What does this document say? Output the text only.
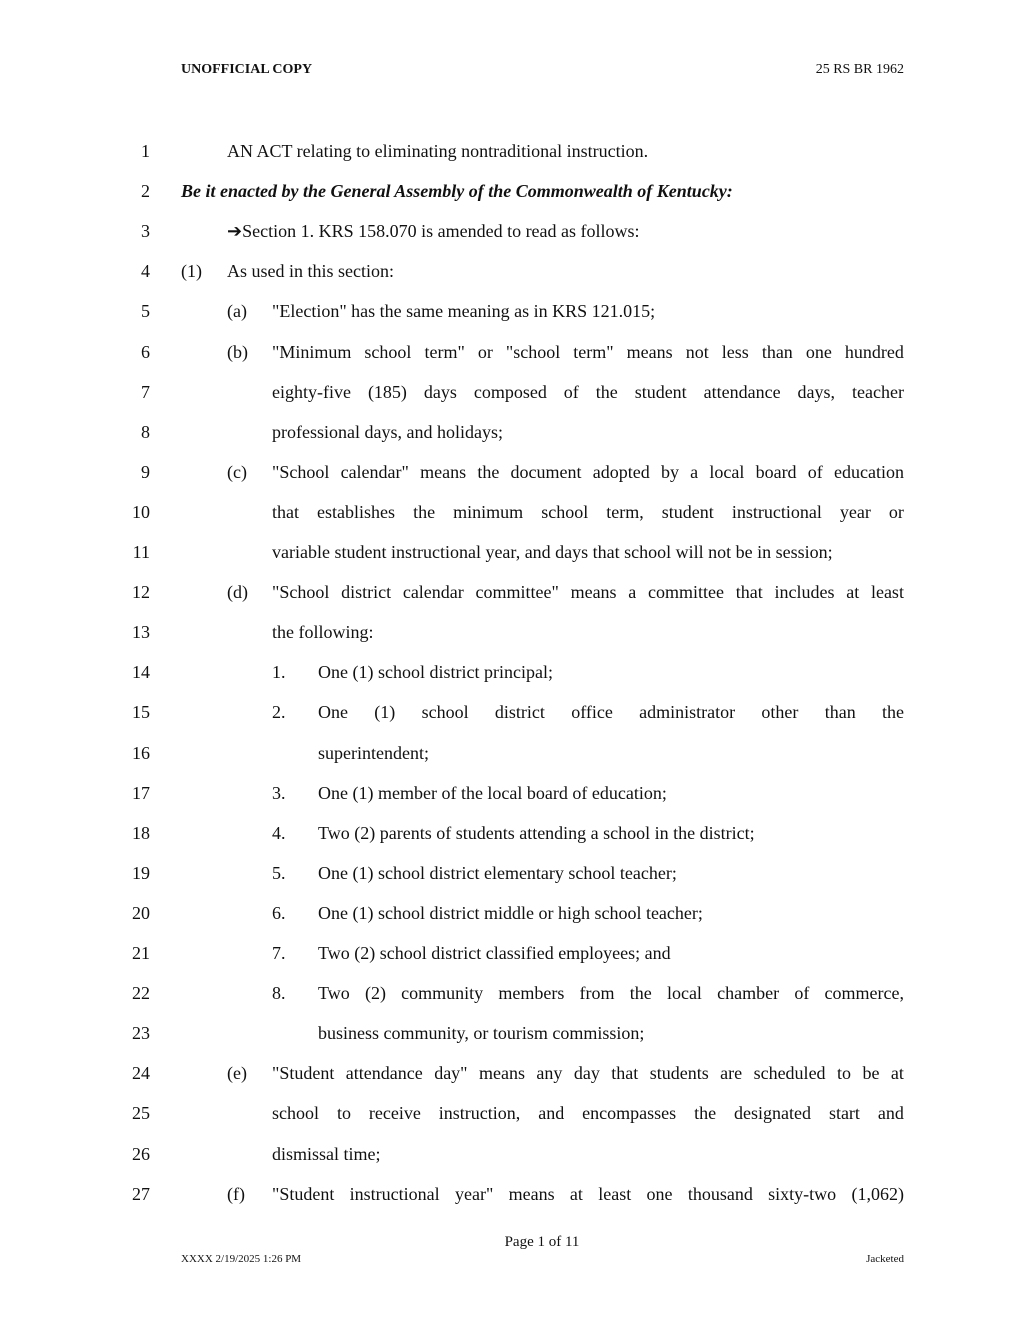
UNOFFICIAL COPY	25 RS BR 1962
1	AN ACT relating to eliminating nontraditional instruction.
2 Be it enacted by the General Assembly of the Commonwealth of Kentucky:
3	➔Section 1. KRS 158.070 is amended to read as follows:
4 (1) As used in this section:
5	(a) "Election" has the same meaning as in KRS 121.015;
6	(b) "Minimum school term" or "school term" means not less than one hundred
7	eighty-five (185) days composed of the student attendance days, teacher
8	professional days, and holidays;
9	(c) "School calendar" means the document adopted by a local board of education
10	that establishes the minimum school term, student instructional year or
11	variable student instructional year, and days that school will not be in session;
12	(d) "School district calendar committee" means a committee that includes at least
13	the following:
14	1. One (1) school district principal;
15	2. One (1) school district office administrator other than the
16	superintendent;
17	3. One (1) member of the local board of education;
18	4. Two (2) parents of students attending a school in the district;
19	5. One (1) school district elementary school teacher;
20	6. One (1) school district middle or high school teacher;
21	7. Two (2) school district classified employees; and
22	8. Two (2) community members from the local chamber of commerce,
23	business community, or tourism commission;
24	(e) "Student attendance day" means any day that students are scheduled to be at
25	school to receive instruction, and encompasses the designated start and
26	dismissal time;
27	(f) "Student instructional year" means at least one thousand sixty-two (1,062)
Page 1 of 11
XXXX 2/19/2025 1:26 PM	Jacketed
